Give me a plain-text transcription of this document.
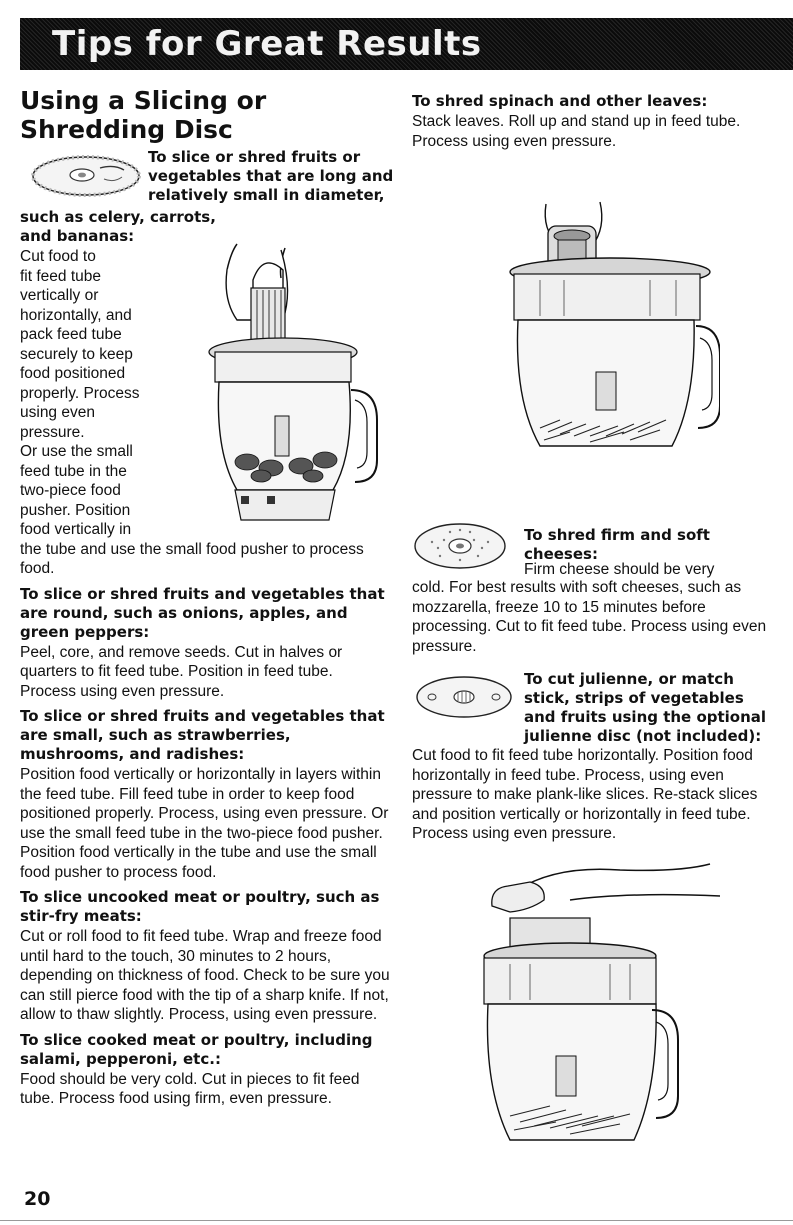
Tips for Great Results
Using a Slicing or
Shredding Disc
To slice or shred fruits or
vegetables that are long and
relatively small in diameter,
such as celery, carrots,
and bananas:
Cut food to
fit feed tube
vertically or
horizontally, and
pack feed tube
securely to keep
food positioned
properly. Process
using even
pressure.
Or use the small
feed tube in the
two-piece food
pusher. Position
food vertically in

the tube and use the small food pusher to process food.

To slice or shred fruits and vegetables that are round, such as onions, apples, and green peppers:

Peel, core, and remove seeds. Cut in halves or quarters to fit feed tube. Position in feed tube. Process using even pressure.

To slice or shred fruits and vegetables that are small, such as strawberries, mushrooms, and radishes:

Position food vertically or horizontally in layers within the feed tube. Fill feed tube in order to keep food positioned properly. Process, using even pressure. Or use the small feed tube in the two-piece food pusher. Position food vertically in the tube and use the small food pusher to process food.

To slice uncooked meat or poultry, such as stir-fry meats:

Cut or roll food to fit feed tube. Wrap and freeze food until hard to the touch, 30 minutes to 2 hours, depending on thickness of food. Check to be sure you can still pierce food with the tip of a sharp knife. If not, allow to thaw slightly. Process, using even pressure.

To slice cooked meat or poultry, including salami, pepperoni, etc.:

Food should be very cold. Cut in pieces to fit feed tube. Process food using firm, even pressure.

To shred spinach and other leaves:

Stack leaves. Roll up and stand up in feed tube. Process using even pressure.

To shred firm and soft
cheeses:
Firm cheese should be very

cold. For best results with soft cheeses, such as mozzarella, freeze 10 to 15 minutes before processing. Cut to fit feed tube. Process using even pressure.

To cut julienne, or match
stick, strips of vegetables
and fruits using the optional
julienne disc (not included):

Cut food to fit feed tube horizontally. Position food horizontally in feed tube. Process, using even pressure to make plank-like slices. Re-stack slices and position vertically or horizontally in feed tube. Process using even pressure.

20
